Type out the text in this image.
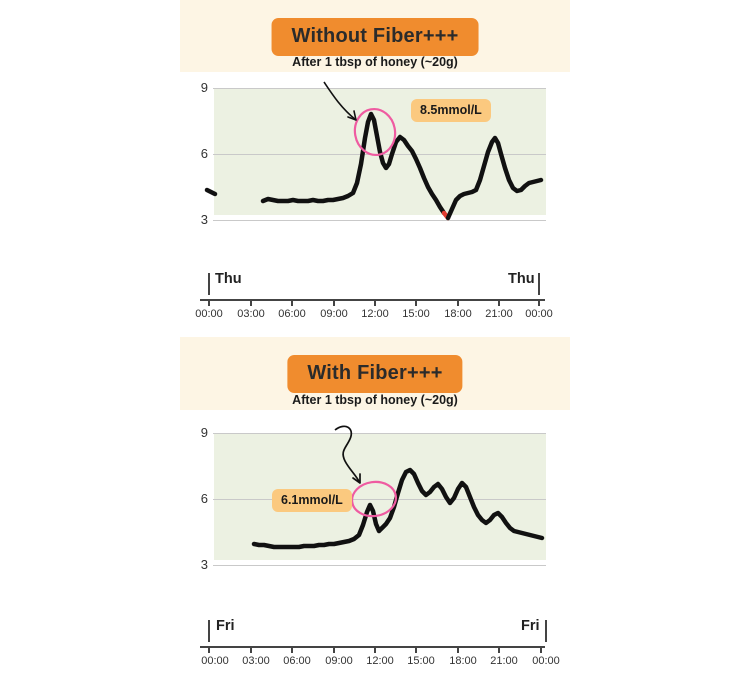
Without Fiber+++
After 1 tbsp of honey (~20g)
9
6
3
8.5mmol/L
Thu	Thu
00:00	03:00	06:00	09:00	12:00	15:00	18:00	21:00	00:00
With Fiber+++
After 1 tbsp of honey (~20g)
9
6
3
6.1mmol/L
Fri	Fri
00:00	03:00	06:00	09:00	12:00	15:00	18:00	21:00	00:00
